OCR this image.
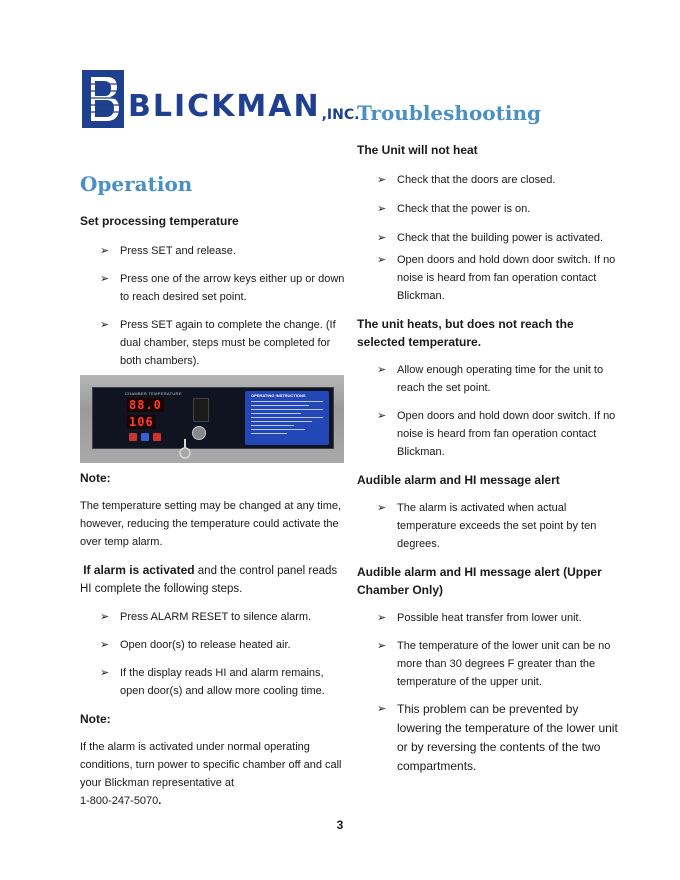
BLICKMAN ,INC.
Operation

Set processing temperature

➢ Press SET and release.
➢ Press one of the arrow keys either up or down to reach desired set point.
➢ Press SET again to complete the change. (If dual chamber, steps must be completed for both chambers).
CHAMBER TEMPERATURE
88.0
106
OPERATING INSTRUCTIONS

Note:

The temperature setting may be changed at any time, however, reducing the temperature could activate the over temp alarm.

If alarm is activated and the control panel reads HI complete the following steps.

➢ Press ALARM RESET to silence alarm.
➢ Open door(s) to release heated air.
➢ If the display reads HI and alarm remains, open door(s) and allow more cooling time.

Note:

If the alarm is activated under normal operating conditions, turn power to specific chamber off and call your Blickman representative at

1-800-247-5070.

Troubleshooting

The Unit will not heat

➢ Check that the doors are closed.
➢ Check that the power is on.
➢ Check that the building power is activated.
➢ Open doors and hold down door switch. If no noise is heard from fan operation contact Blickman.

The unit heats, but does not reach the selected temperature.

➢ Allow enough operating time for the unit to reach the set point.
➢ Open doors and hold down door switch. If no noise is heard from fan operation contact Blickman.

Audible alarm and HI message alert

➢ The alarm is activated when actual temperature exceeds the set point by ten degrees.

Audible alarm and HI message alert (Upper Chamber Only)

➢ Possible heat transfer from lower unit.
➢ The temperature of the lower unit can be no more than 30 degrees F greater than the temperature of the upper unit.
➢ This problem can be prevented by lowering the temperature of the lower unit or by reversing the contents of the two compartments.
3
